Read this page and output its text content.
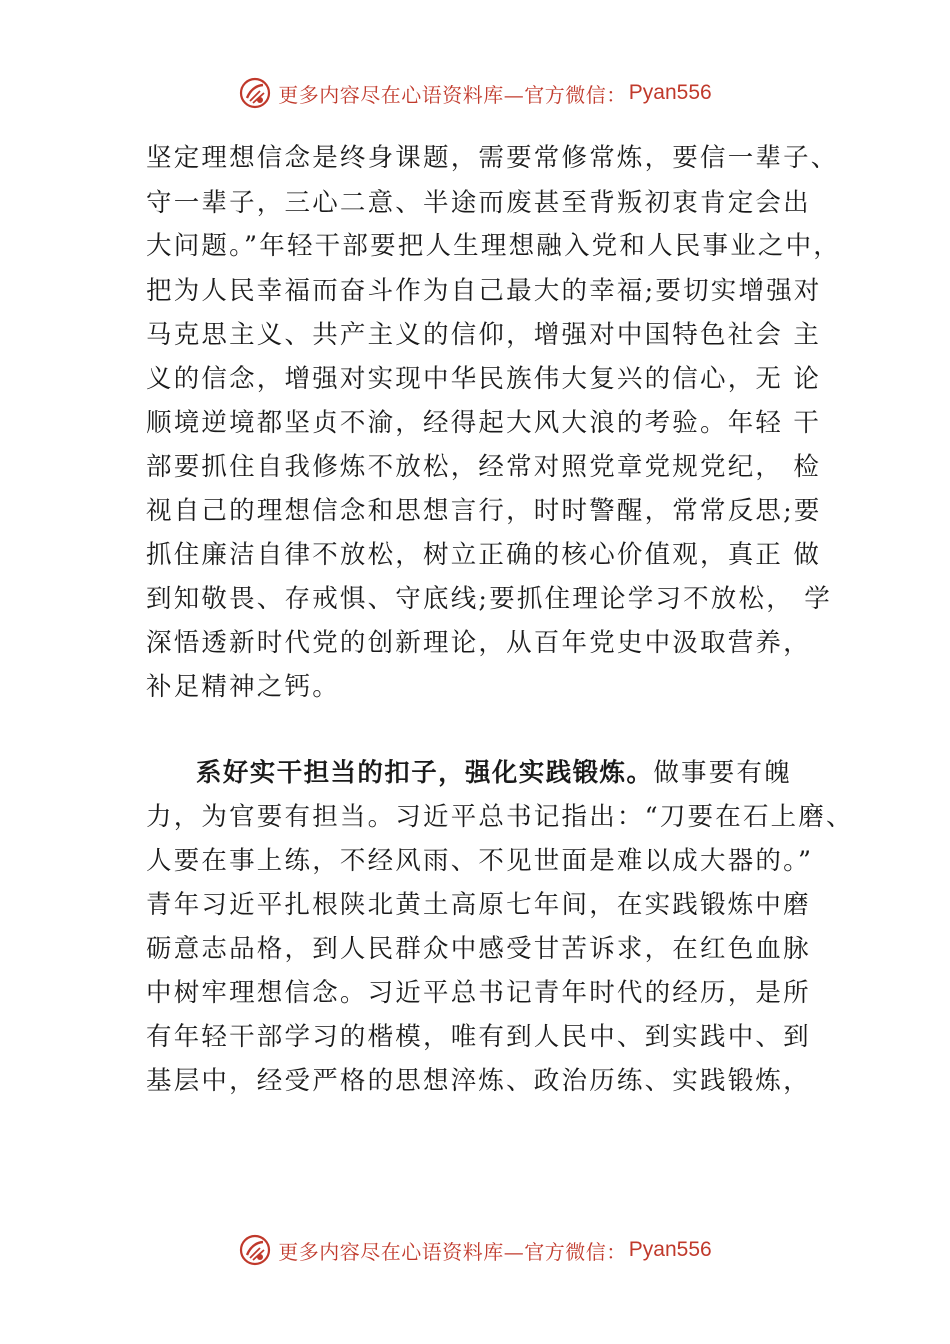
更多内容尽在心语资料库—官方微信： Pyan556
坚定理想信念是终身课题，需要常修常炼，要信一辈子、
守一辈子，三心二意、半途而废甚至背叛初衷肯定会出
大问题。”年轻干部要把人生理想融入党和人民事业之中，
把为人民幸福而奋斗作为自己最大的幸福;要切实增强对
马克思主义、共产主义的信仰，增强对中国特色社会 主
义的信念，增强对实现中华民族伟大复兴的信心，无 论
顺境逆境都坚贞不渝，经得起大风大浪的考验。年轻 干
部要抓住自我修炼不放松，经常对照党章党规党纪， 检
视自己的理想信念和思想言行，时时警醒，常常反思;要
抓住廉洁自律不放松，树立正确的核心价值观，真正 做
到知敬畏、存戒惧、守底线;要抓住理论学习不放松， 学
深悟透新时代党的创新理论，从百年党史中汲取营养，
补足精神之钙。
系好实干担当的扣子，强化实践锻炼。做事要有魄
力，为官要有担当。习近平总书记指出：“刀要在石上磨、
人要在事上练，不经风雨、不见世面是难以成大器的。”
青年习近平扎根陕北黄土高原七年间，在实践锻炼中磨
砺意志品格，到人民群众中感受甘苦诉求，在红色血脉
中树牢理想信念。习近平总书记青年时代的经历，是所
有年轻干部学习的楷模，唯有到人民中、到实践中、到
基层中，经受严格的思想淬炼、政治历练、实践锻炼，
更多内容尽在心语资料库—官方微信： Pyan556
